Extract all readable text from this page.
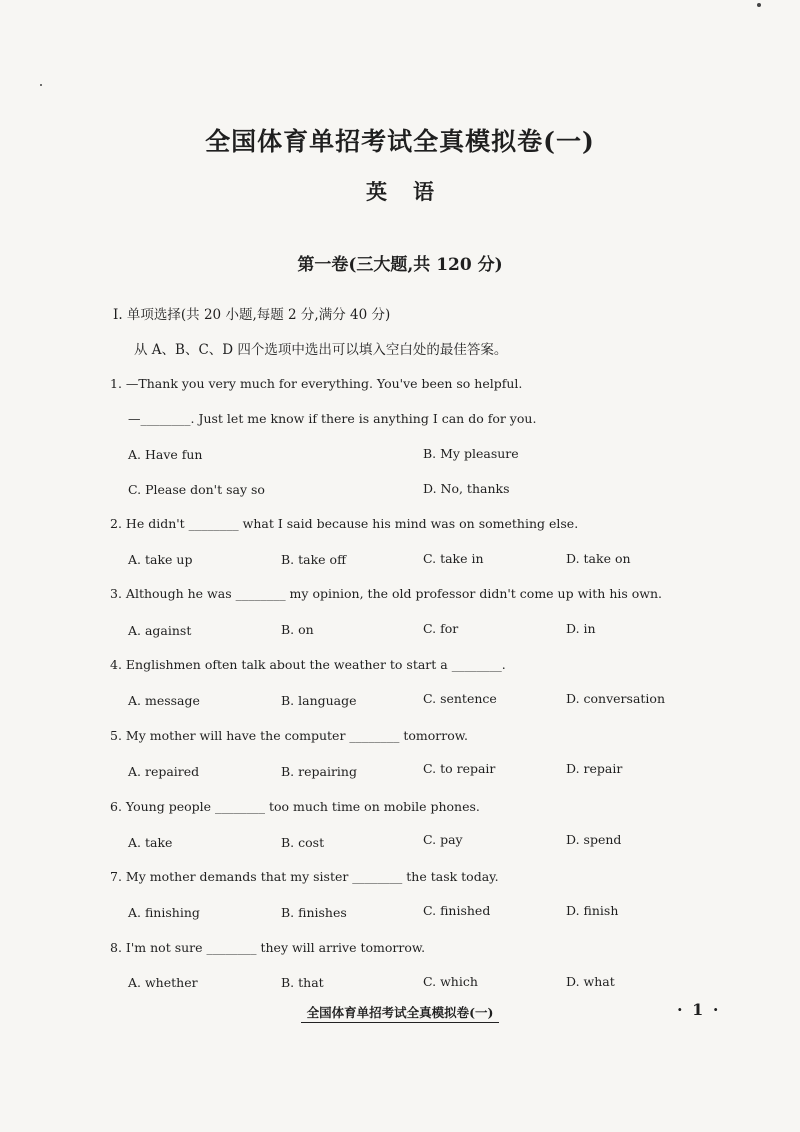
全国体育单招考试全真模拟卷(一)
英语
第一卷(三大题,共 120 分)
Ⅰ. 单项选择(共 20 小题,每题 2 分,满分 40 分)
从 A、B、C、D 四个选项中选出可以填入空白处的最佳答案。
1. —Thank you very much for everything. You've been so helpful.
—________. Just let me know if there is anything I can do for you.
A. Have fun	B. My pleasure
C. Please don't say so	D. No, thanks
2. He didn't ________ what I said because his mind was on something else.
A. take up	B. take off	C. take in	D. take on
3. Although he was ________ my opinion, the old professor didn't come up with his own.
A. against	B. on	C. for	D. in
4. Englishmen often talk about the weather to start a ________.
A. message	B. language	C. sentence	D. conversation
5. My mother will have the computer ________ tomorrow.
A. repaired	B. repairing	C. to repair	D. repair
6. Young people ________ too much time on mobile phones.
A. take	B. cost	C. pay	D. spend
7. My mother demands that my sister ________ the task today.
A. finishing	B. finishes	C. finished	D. finish
8. I'm not sure ________ they will arrive tomorrow.
A. whether	B. that	C. which	D. what
全国体育单招考试全真模拟卷(一)	· 1 ·
